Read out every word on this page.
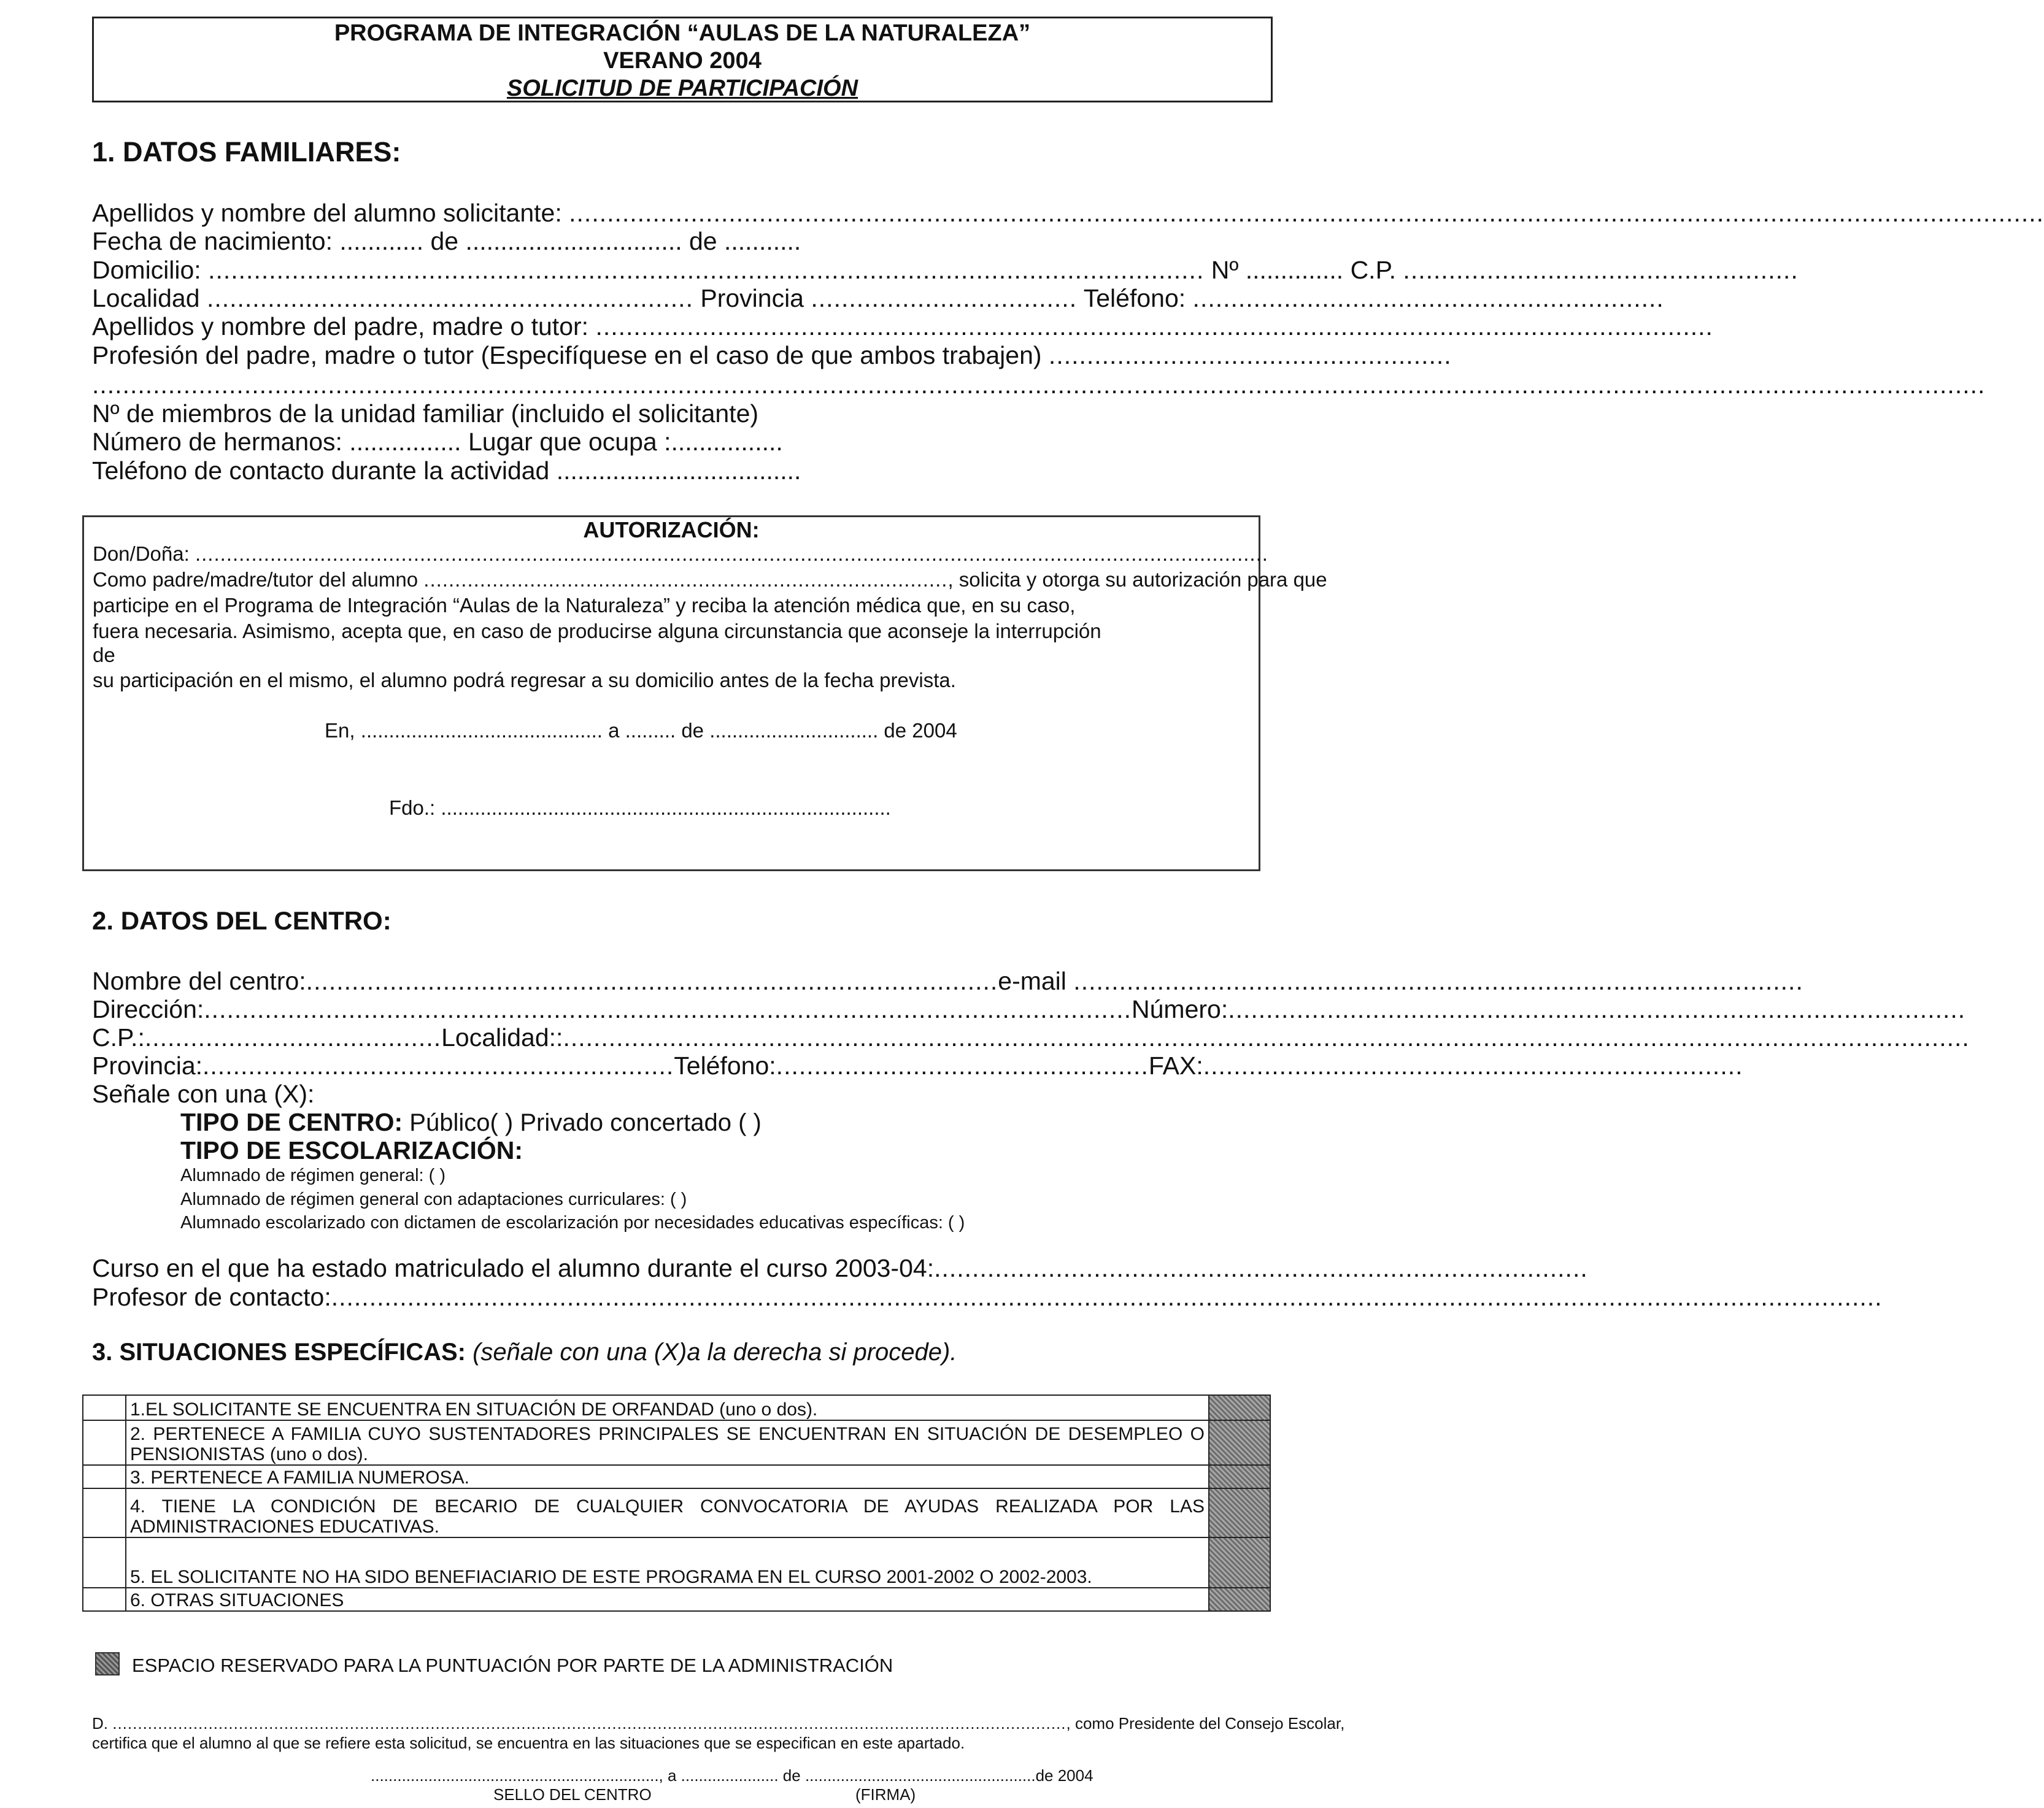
PROGRAMA DE INTEGRACIÓN “AULAS DE LA NATURALEZA”
VERANO 2004
SOLICITUD DE PARTICIPACIÓN
1. DATOS FAMILIARES:
Apellidos y nombre del alumno solicitante: ..................................................................................................................................................................................................
Fecha de nacimiento: ............ de ............................... de ...........
Domicilio: ................................................................................................................................... Nº .............. C.P. ....................................................
Localidad ................................................................ Provincia ................................... Teléfono: ..............................................................
Apellidos y nombre del padre, madre o tutor: ...................................................................................................................................................
Profesión del padre, madre o tutor (Especifíquese en el caso de que ambos trabajen) .....................................................
.........................................................................................................................................................................................................................................................
Nº de miembros de la unidad familiar (incluido el solicitante)
Número de hermanos: ................ Lugar que ocupa :................
Teléfono de contacto durante la actividad ...................................
AUTORIZACIÓN:
Don/Doña: ............................................................................................................................................................................
Como padre/madre/tutor del alumno ...................................................................................., solicita y otorga su autorización para que
participe en el Programa de Integración “Aulas de la Naturaleza” y reciba la atención médica que, en su caso,
fuera necesaria. Asimismo, acepta que, en caso de producirse alguna circunstancia que aconseje la interrupción
de
su participación en el mismo, el alumno podrá regresar a su domicilio antes de la fecha prevista.
En, ........................................... a ......... de .............................. de 2004
Fdo.: ................................................................................
2. DATOS DEL CENTRO:
Nombre del centro:...........................................................................................e-mail ................................................................................................
Dirección:..........................................................................................................................Número:.................................................................................................
C.P.:.......................................Localidad::.........................................................................................................................................................................................
Provincia:..............................................................Teléfono:.................................................FAX:.......................................................................
Señale con una (X):
TIPO DE CENTRO: Público( ) Privado concertado ( )
TIPO DE ESCOLARIZACIÓN:
Alumnado de régimen general: ( )
Alumnado de régimen general con adaptaciones curriculares: ( )
Alumnado escolarizado con dictamen de escolarización por necesidades educativas específicas: ( )
Curso en el que ha estado matriculado el alumno durante el curso 2003-04:......................................................................................
Profesor de contacto:............................................................................................................................................................................................................
3. SITUACIONES ESPECÍFICAS: (señale con una (X)a la derecha si procede).
	1.EL SOLICITANTE SE ENCUENTRA EN SITUACIÓN DE ORFANDAD (uno o dos).	
	2. PERTENECE A FAMILIA CUYO SUSTENTADORES PRINCIPALES SE ENCUENTRAN EN SITUACIÓN DE DESEMPLEO O PENSIONISTAS (uno o dos).	
	3. PERTENECE A FAMILIA NUMEROSA.	
	4. TIENE LA CONDICIÓN DE BECARIO DE CUALQUIER CONVOCATORIA DE AYUDAS REALIZADA POR LAS ADMINISTRACIONES EDUCATIVAS.	
	5. EL SOLICITANTE NO HA SIDO BENEFIACIARIO DE ESTE PROGRAMA EN EL CURSO 2001-2002 O 2002-2003.	
	6. OTRAS SITUACIONES	
ESPACIO RESERVADO PARA LA PUNTUACIÓN POR PARTE DE LA ADMINISTRACIÓN
D. ............................................................................................................................................................................................., como Presidente del Consejo Escolar,
certifica que el alumno al que se refiere esta solicitud, se encuentra en las situaciones que se especifican en este apartado.
................................................................., a ...................... de ....................................................de 2004
SELLO DEL CENTRO	(FIRMA)
